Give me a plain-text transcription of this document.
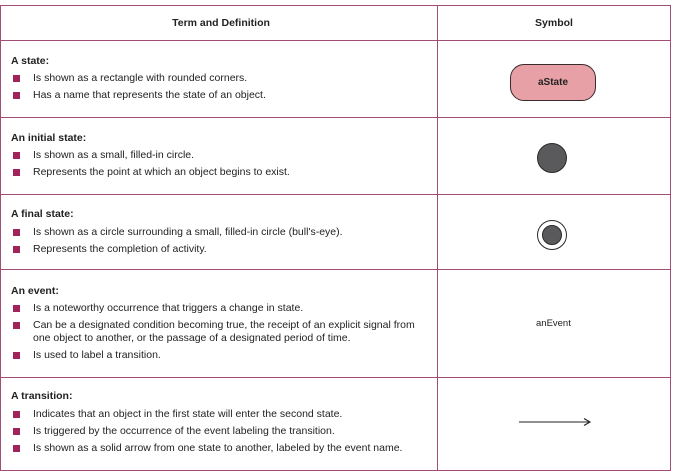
Term and Definition	Symbol
A state:
Is shown as a rectangle with rounded corners.
Has a name that represents the state of an object.
aState
An initial state:
Is shown as a small, filled-in circle.
Represents the point at which an object begins to exist.
A final state:
Is shown as a circle surrounding a small, filled-in circle (bull's-eye).
Represents the completion of activity.
An event:
Is a noteworthy occurrence that triggers a change in state.
Can be a designated condition becoming true, the receipt of an explicit signal from one object to another, or the passage of a designated period of time.
Is used to label a transition.
anEvent
A transition:
Indicates that an object in the first state will enter the second state.
Is triggered by the occurrence of the event labeling the transition.
Is shown as a solid arrow from one state to another, labeled by the event name.
